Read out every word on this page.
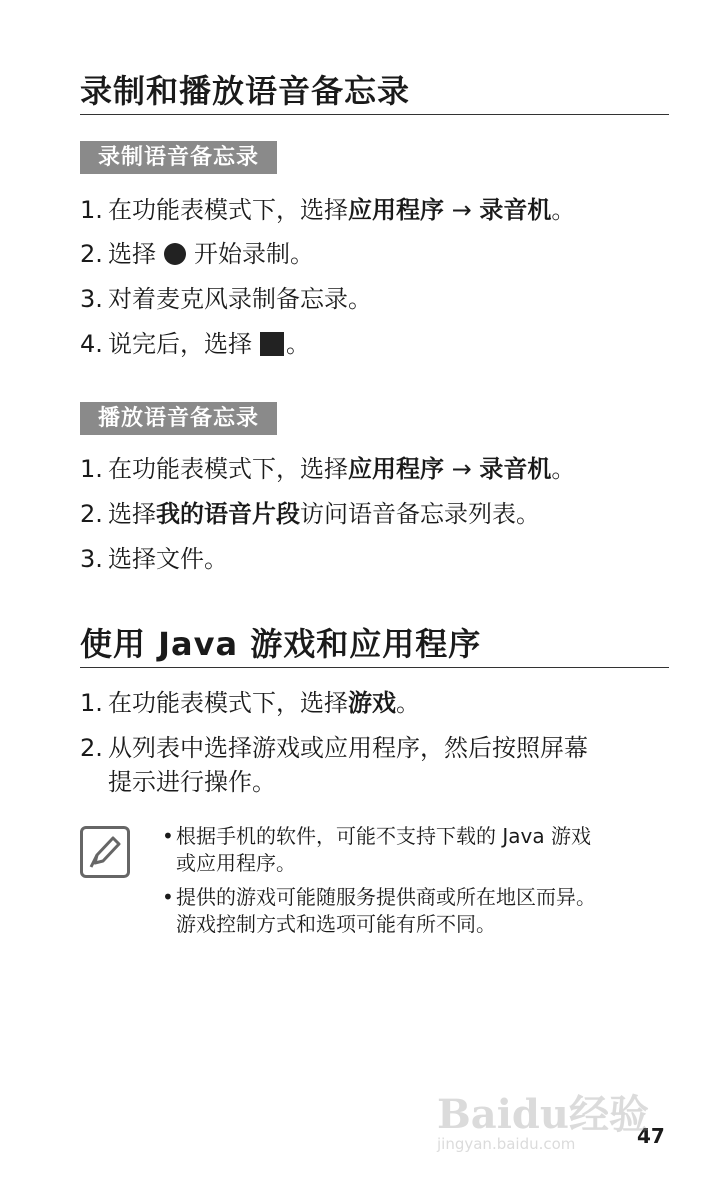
录制和播放语音备忘录
录制语音备忘录
1. 在功能表模式下，选择应用程序 → 录音机。
2. 选择 开始录制。
3. 对着麦克风录制备忘录。
4. 说完后，选择 。
播放语音备忘录
1. 在功能表模式下，选择应用程序 → 录音机。
2. 选择我的语音片段访问语音备忘录列表。
3. 选择文件。
使用 Java 游戏和应用程序
1. 在功能表模式下，选择游戏。
2. 从列表中选择游戏或应用程序，然后按照屏幕
提示进行操作。
• 根据手机的软件，可能不支持下载的 Java 游戏
或应用程序。
• 提供的游戏可能随服务提供商或所在地区而异。
游戏控制方式和选项可能有所不同。
47
Baidu经验
jingyan.baidu.com
